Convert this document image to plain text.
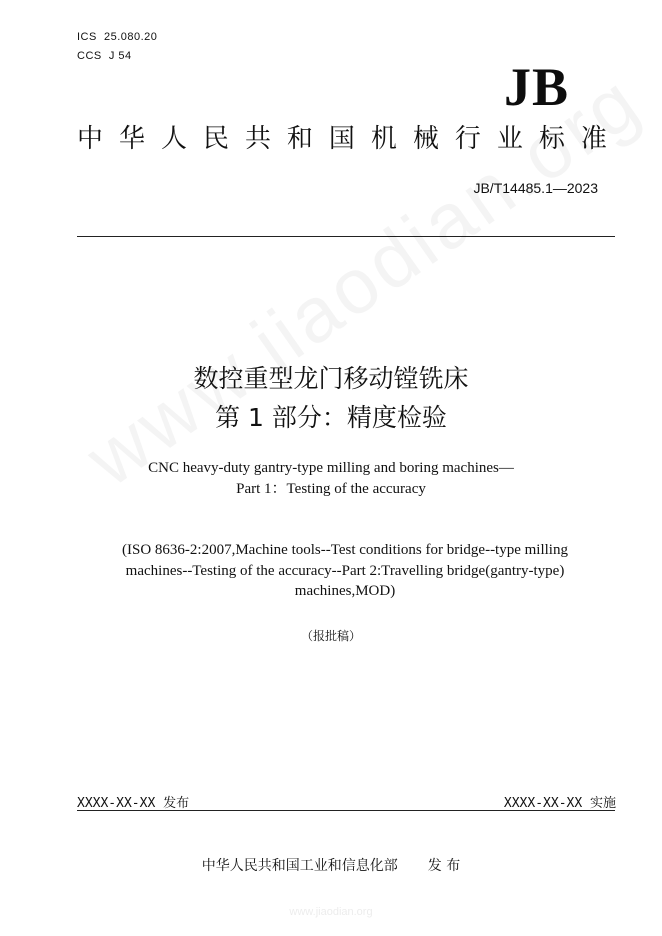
ICS 25.080.20
CCS J 54
JB
中 华 人 民 共 和 国 机 械 行 业 标 准
JB/T14485.1—2023
数控重型龙门移动镗铣床
第 1 部分：精度检验
CNC heavy-duty gantry-type milling and boring machines—
Part 1：Testing of the accuracy
(ISO 8636-2:2007,Machine tools--Test conditions for bridge--type milling machines--Testing of the accuracy--Part 2:Travelling bridge(gantry-type) machines,MOD)
（报批稿）
XXXX-XX-XX 发布	XXXX-XX-XX 实施
中华人民共和国工业和信息化部 发 布
www.jiaodian.org
